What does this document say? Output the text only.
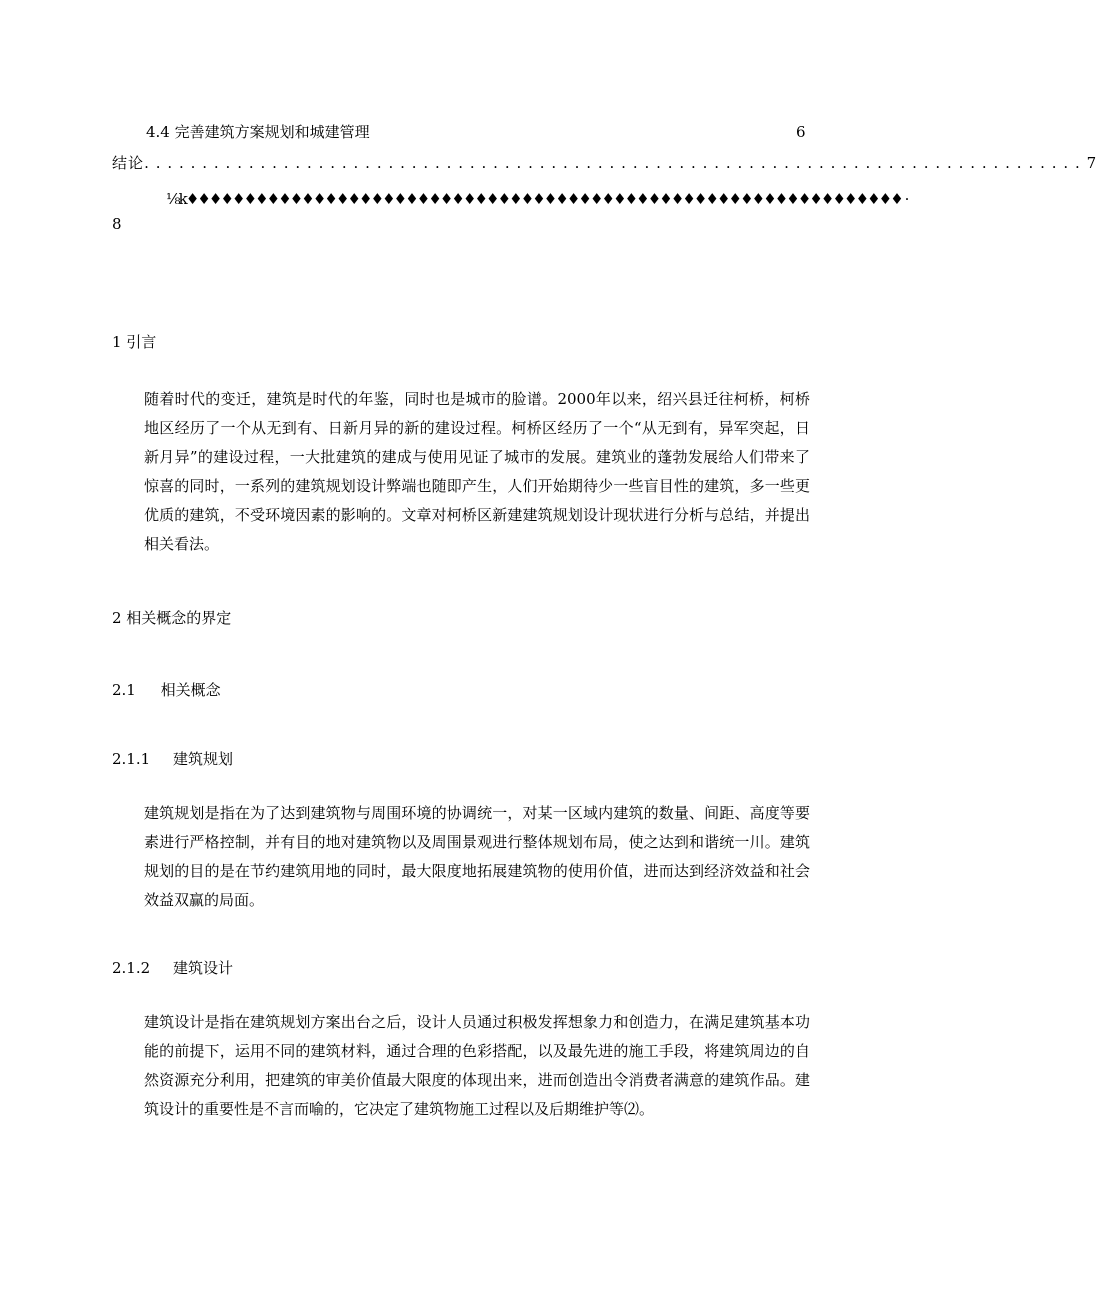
4.4 完善建筑方案规划和城建管理	6
结论. . . . . . . . . . . . . . . . . . . . . . . . . . . . . . . . . . . . . . . . . . . . . . . . . . . . . . . . . . . . . . . . . . . . . . . . . . . . . . . . . 7
⅛k♦♦♦♦♦♦♦♦♦♦♦♦♦♦♦♦♦♦♦♦♦♦♦♦♦♦♦♦♦♦♦♦♦♦♦♦♦♦♦♦♦♦♦♦♦♦♦♦♦♦♦♦♦♦♦♦♦♦♦♦♦♦ ·
8
1 引言
随着时代的变迁，建筑是时代的年鉴，同时也是城市的脸谱。2000年以来，绍兴县迁往柯桥，柯桥地区经历了一个从无到有、日新月异的新的建设过程。柯桥区经历了一个“从无到有，异军突起，日新月异”的建设过程，一大批建筑的建成与使用见证了城市的发展。建筑业的蓬勃发展给人们带来了惊喜的同时，一系列的建筑规划设计弊端也随即产生，人们开始期待少一些盲目性的建筑，多一些更优质的建筑，不受环境因素的影响的。文章对柯桥区新建建筑规划设计现状进行分析与总结，并提出相关看法。
2 相关概念的界定
2.1 相关概念
2.1.1 建筑规划
建筑规划是指在为了达到建筑物与周围环境的协调统一，对某一区域内建筑的数量、间距、高度等要素进行严格控制，并有目的地对建筑物以及周围景观进行整体规划布局，使之达到和谐统一川。建筑规划的目的是在节约建筑用地的同时，最大限度地拓展建筑物的使用价值，进而达到经济效益和社会效益双赢的局面。
2.1.2 建筑设计
建筑设计是指在建筑规划方案出台之后，设计人员通过积极发挥想象力和创造力，在满足建筑基本功能的前提下，运用不同的建筑材料，通过合理的色彩搭配，以及最先进的施工手段，将建筑周边的自然资源充分利用，把建筑的审美价值最大限度的体现出来，进而创造出令消费者满意的建筑作品。建筑设计的重要性是不言而喻的，它决定了建筑物施工过程以及后期维护等⑵。
